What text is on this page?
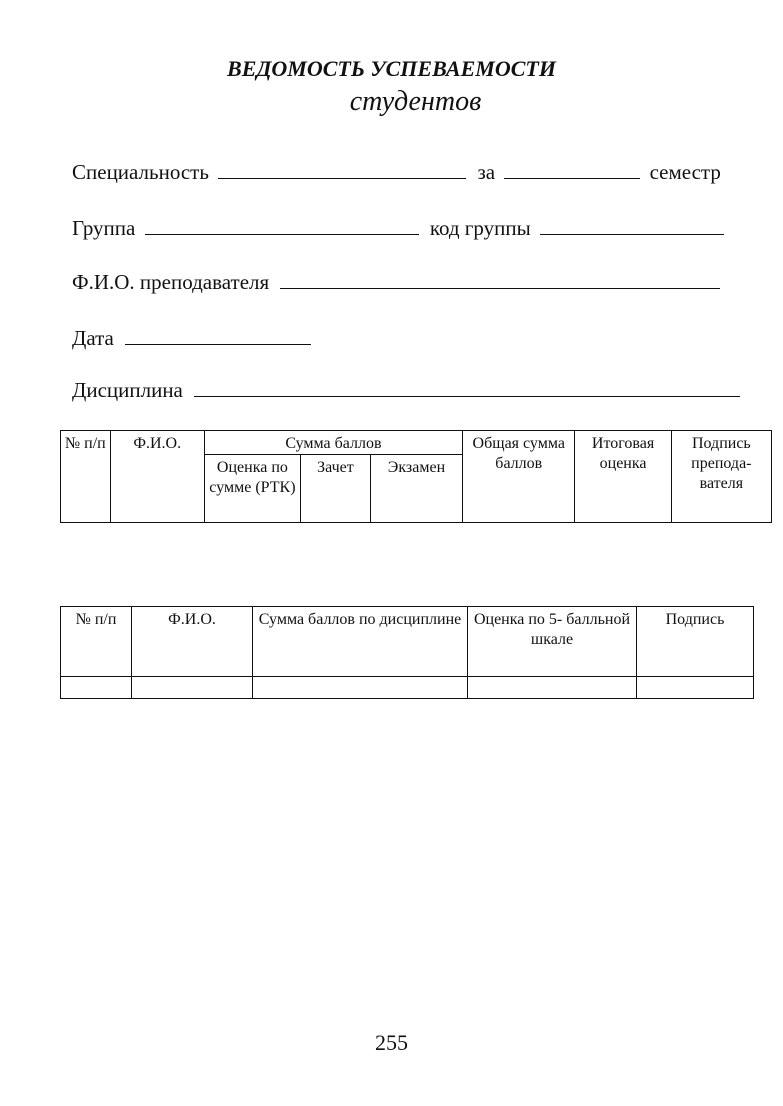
ВЕДОМОСТЬ УСПЕВАЕМОСТИ
студентов
Специальность	за	семестр
Группа	код группы
Ф.И.О. преподавателя
Дата
Дисциплина
№ п/п	Ф.И.О.	Сумма баллов			Общая сумма баллов	Итоговая оценка	Подпись препода-вателя
		Оценка по сумме (РТК)	Зачет	Экзамен			
№ п/п	Ф.И.О.	Сумма баллов по дисциплине	Оценка по 5- балльной шкале	Подпись

255
